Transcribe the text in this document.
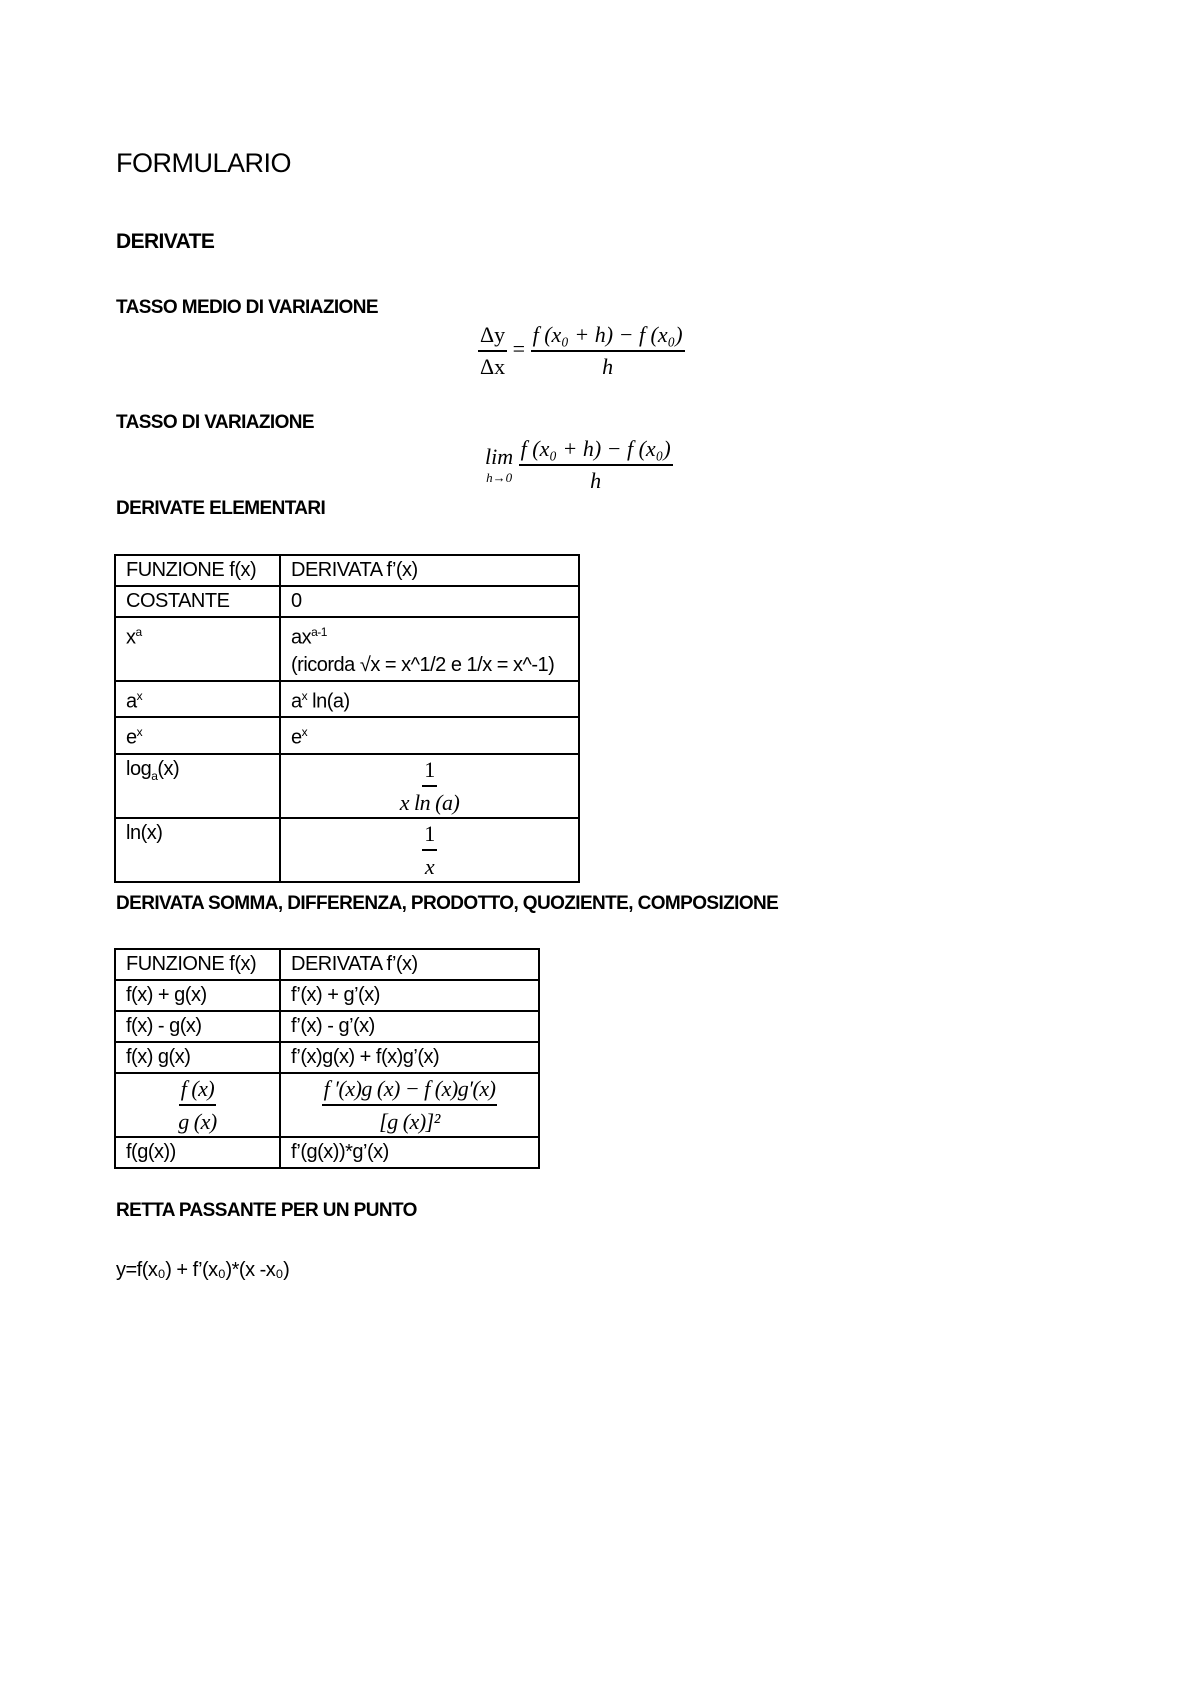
FORMULARIO
DERIVATE
TASSO MEDIO DI VARIAZIONE
$\frac{\Delta y}{\Delta x} = \frac{\text{f (x₀ + h) − f (x₀)}}{h}$
TASSO DI VARIAZIONE
lim
h→0
$\frac{\text{f (x₀ + h) − f (x₀)}}{h}$
DERIVATE ELEMENTARI
FUNZIONE f(x)	DERIVATA f’(x)
COSTANTE	0
$x^a$	$ax^{a-1}$
(ricorda √x = x^1/2 e 1/x = x^-1)
$a^x$	$a^x$ ln(a)
$e^x$	$e^x$
$\log_a(x)$	$\frac{1}{\text{x ln (a)}}$

ln(x)	$\frac{1}{x}$
DERIVATA SOMMA, DIFFERENZA, PRODOTTO, QUOZIENTE, COMPOSIZIONE
FUNZIONE f(x)	DERIVATA f’(x)
f(x) + g(x)	f’(x) + g’(x)
f(x) - g(x)	f’(x) - g’(x)
f(x) g(x)	f’(x)g(x) + f(x)g’(x)

$\frac{f (x)}{g (x)}$	$\frac{f '(x)g (x) - f (x)g'(x)}{\text{[g (x)]²}}$

f(g(x))	f’(g(x))*g’(x)
RETTA PASSANTE PER UN PUNTO
y=f(x₀) + f’(x₀)*(x -x₀)
